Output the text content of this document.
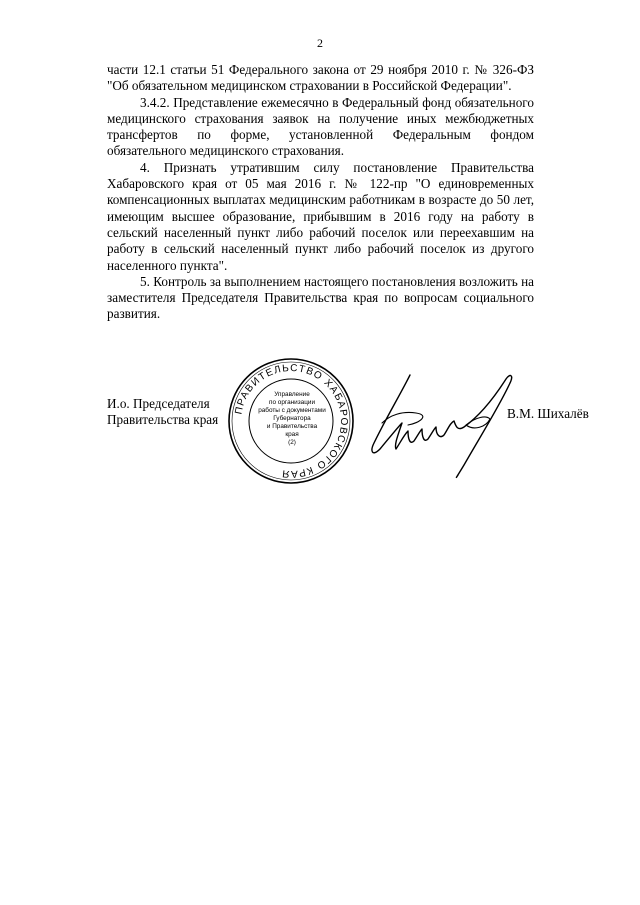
2

части 12.1 статьи 51 Федерального закона от 29 ноября 2010 г. № 326-ФЗ "Об обязательном медицинском страховании в Российской Федерации".

3.4.2. Представление ежемесячно в Федеральный фонд обязательного медицинского страхования заявок на получение иных межбюджетных трансфертов по форме, установленной Федеральным фондом обязательного медицинского страхования.

4. Признать утратившим силу постановление Правительства Хабаровского края от 05 мая 2016 г. № 122-пр "О единовременных компенсационных выплатах медицинским работникам в возрасте до 50 лет, имеющим высшее образование, прибывшим в 2016 году на работу в сельский населенный пункт либо рабочий поселок или переехавшим на работу в сельский населенный пункт либо рабочий поселок из другого населенного пункта".

5. Контроль за выполнением настоящего постановления возложить на заместителя Председателя Правительства края по вопросам социального развития.

И.о. Председателя
Правительства края
ПРАВИТЕЛЬСТВО ХАБАРОВСКОГО КРАЯ
Управление
по организации
работы с документами
Губернатора
и Правительства
края
(2)
В.М. Шихалёв
